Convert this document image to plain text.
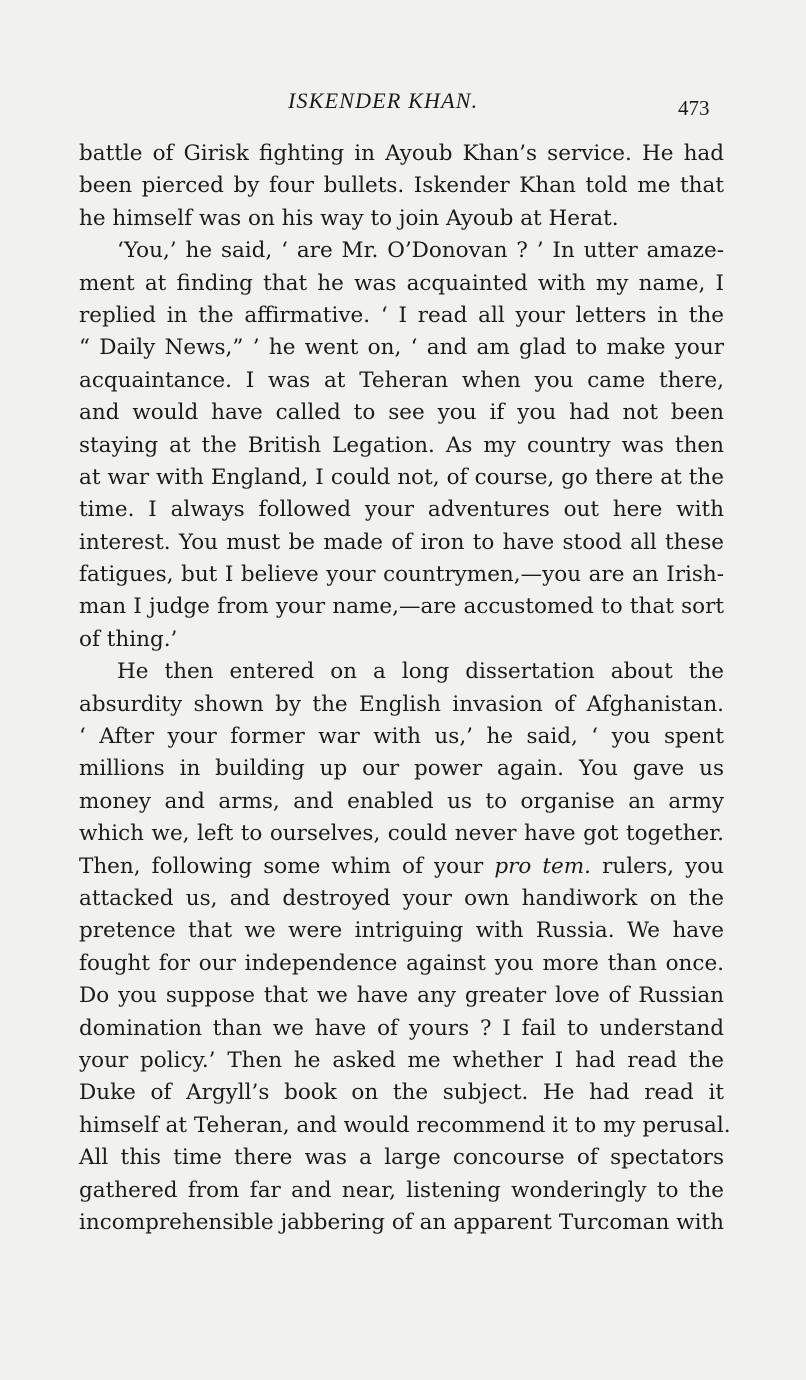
ISKENDER KHAN.	473
battle of Girisk fighting in Ayoub Khan’s service. He had
been pierced by four bullets. Iskender Khan told me that
he himself was on his way to join Ayoub at Herat.
‘You,’ he said, ‘ are Mr. O’Donovan ? ’ In utter amaze-
ment at finding that he was acquainted with my name, I
replied in the affirmative. ‘ I read all your letters in the
“ Daily News,” ’ he went on, ‘ and am glad to make your
acquaintance. I was at Teheran when you came there,
and would have called to see you if you had not been
staying at the British Legation. As my country was then
at war with England, I could not, of course, go there at the
time. I always followed your adventures out here with
interest. You must be made of iron to have stood all these
fatigues, but I believe your countrymen,—you are an Irish-
man I judge from your name,—are accustomed to that sort
of thing.’
He then entered on a long dissertation about the
absurdity shown by the English invasion of Afghanistan.
‘ After your former war with us,’ he said, ‘ you spent
millions in building up our power again. You gave us
money and arms, and enabled us to organise an army
which we, left to ourselves, could never have got together.
Then, following some whim of your pro tem. rulers, you
attacked us, and destroyed your own handiwork on the
pretence that we were intriguing with Russia. We have
fought for our independence against you more than once.
Do you suppose that we have any greater love of Russian
domination than we have of yours ? I fail to understand
your policy.’ Then he asked me whether I had read the
Duke of Argyll’s book on the subject. He had read it
himself at Teheran, and would recommend it to my perusal.
All this time there was a large concourse of spectators
gathered from far and near, listening wonderingly to the
incomprehensible jabbering of an apparent Turcoman with
